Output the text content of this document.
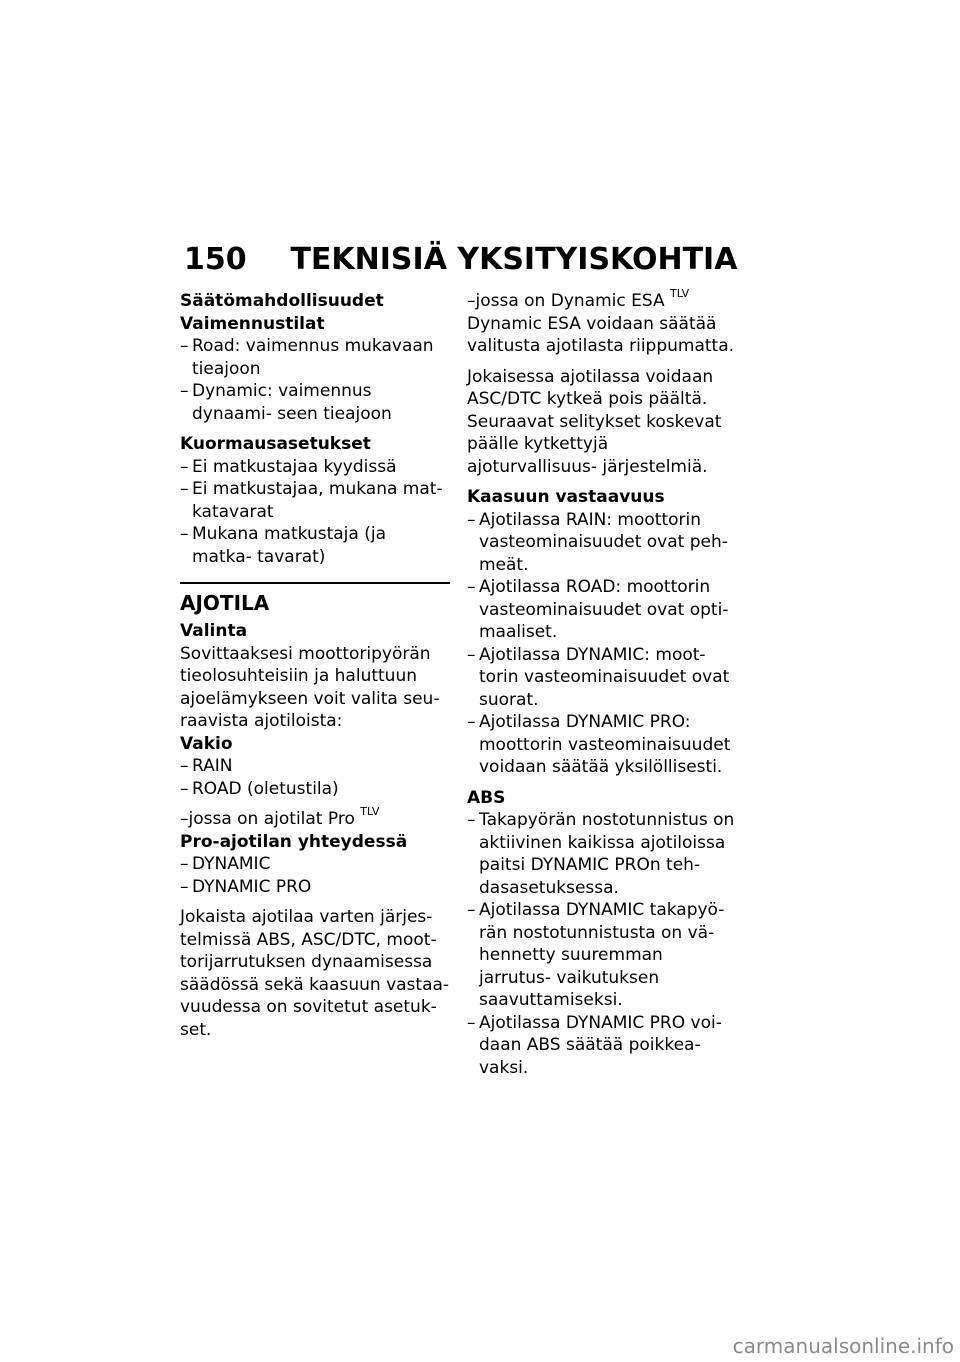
150 TEKNISIÄ YKSITYISKOHTIA

Säätömahdollisuudet

Vaimennustilat

– Road: vaimennus mukavaan tieajoon
– Dynamic: vaimennus dynaami- seen tieajoon

Kuormausasetukset

– Ei matkustajaa kyydissä
– Ei matkustajaa, mukana mat- katavarat
– Mukana matkustaja (ja matka- tavarat)

AJOTILA

Valinta

Sovittaaksesi moottoripyörän tieolosuhteisiin ja haluttuun ajoelämykseen voit valita seu- raavista ajotiloista:

Vakio

– RAIN
– ROAD (oletustila)

–jossa on ajotilat Pro $^{TLV}$

Pro-ajotilan yhteydessä

– DYNAMIC
– DYNAMIC PRO

Jokaista ajotilaa varten järjes- telmissä ABS, ASC/DTC, moot- torijarrutuksen dynaamisessa säädössä sekä kaasuun vastaa- vuudessa on sovitetut asetuk- set.

–jossa on Dynamic ESA $^{TLV}$

Dynamic ESA voidaan säätää valitusta ajotilasta riippumatta.

Jokaisessa ajotilassa voidaan ASC/DTC kytkeä pois päältä. Seuraavat selitykset koskevat päälle kytkettyjä ajoturvallisuus- järjestelmiä.

Kaasuun vastaavuus

– Ajotilassa RAIN: moottorin vasteominaisuudet ovat peh- meät.
– Ajotilassa ROAD: moottorin vasteominaisuudet ovat opti- maaliset.
– Ajotilassa DYNAMIC: moot- torin vasteominaisuudet ovat suorat.
– Ajotilassa DYNAMIC PRO: moottorin vasteominaisuudet voidaan säätää yksilöllisesti.

ABS

– Takapyörän nostotunnistus on aktiivinen kaikissa ajotiloissa paitsi DYNAMIC PROn teh- dasasetuksessa.
– Ajotilassa DYNAMIC takapyö- rän nostotunnistusta on vä- hennetty suuremman jarrutus- vaikutuksen saavuttamiseksi.
– Ajotilassa DYNAMIC PRO voi- daan ABS säätää poikkea- vaksi.
carmanualsonline.info
